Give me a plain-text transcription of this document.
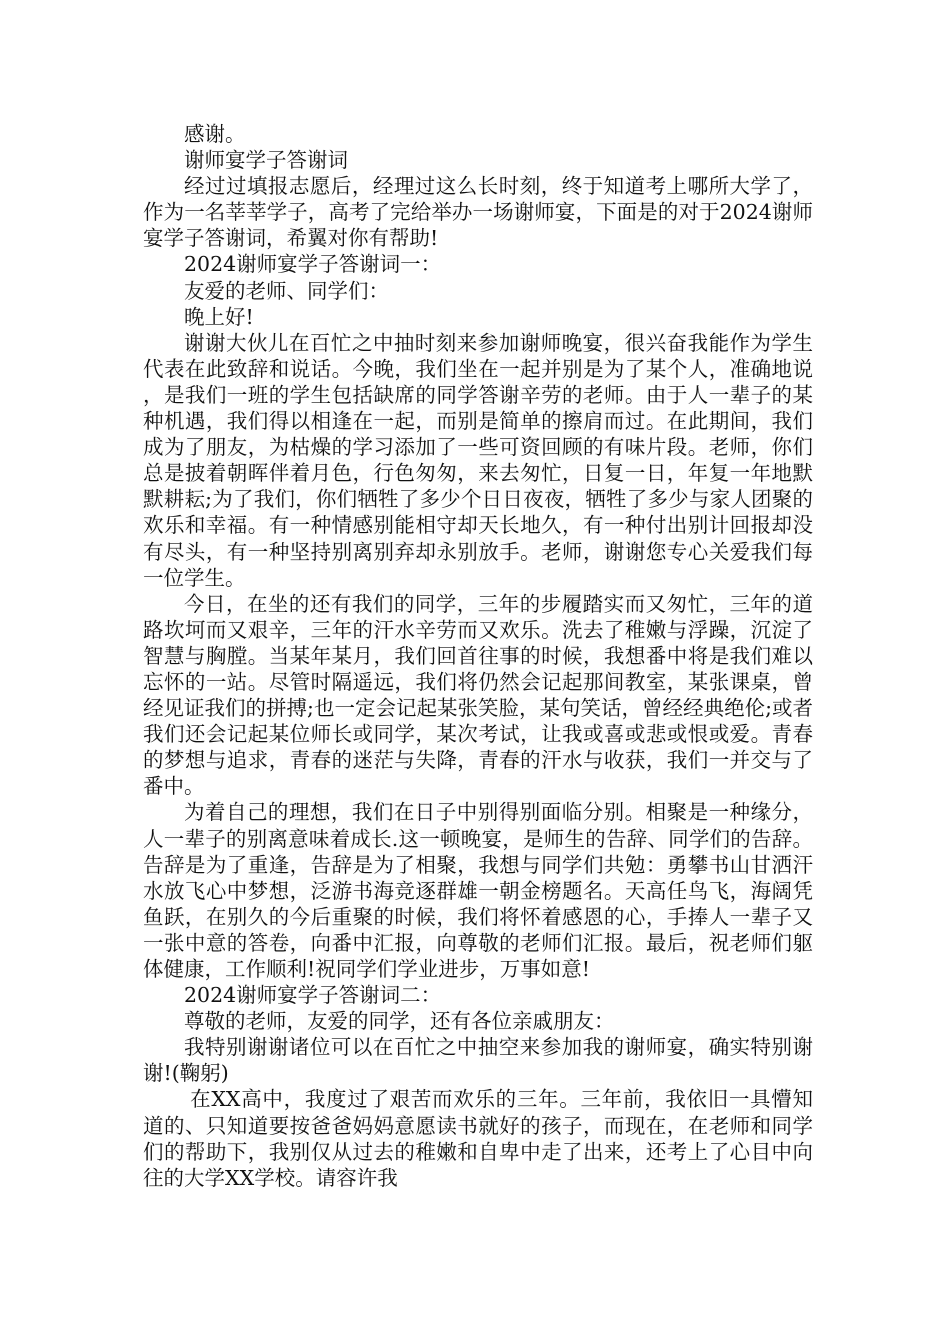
感谢。

谢师宴学子答谢词

经过过填报志愿后，经理过这么长时刻，终于知道考上哪所大学了，作为一名莘莘学子，高考了完给举办一场谢师宴，下面是的对于2024谢师宴学子答谢词，希翼对你有帮助!

2024谢师宴学子答谢词一：

友爱的老师、同学们：

晚上好!

谢谢大伙儿在百忙之中抽时刻来参加谢师晚宴，很兴奋我能作为学生代表在此致辞和说话。今晚，我们坐在一起并别是为了某个人，准确地说，是我们一班的学生包括缺席的同学答谢辛劳的老师。由于人一辈子的某种机遇，我们得以相逢在一起，而别是简单的擦肩而过。在此期间，我们成为了朋友，为枯燥的学习添加了一些可资回顾的有味片段。老师，你们总是披着朝晖伴着月色，行色匆匆，来去匆忙，日复一日，年复一年地默默耕耘;为了我们，你们牺牲了多少个日日夜夜，牺牲了多少与家人团聚的欢乐和幸福。有一种情感别能相守却天长地久，有一种付出别计回报却没有尽头，有一种坚持别离别弃却永别放手。老师，谢谢您专心关爱我们每一位学生。

今日，在坐的还有我们的同学，三年的步履踏实而又匆忙，三年的道路坎坷而又艰辛，三年的汗水辛劳而又欢乐。洗去了稚嫩与浮躁，沉淀了智慧与胸膛。当某年某月，我们回首往事的时候，我想番中将是我们难以忘怀的一站。尽管时隔遥远，我们将仍然会记起那间教室，某张课桌，曾经见证我们的拼搏;也一定会记起某张笑脸，某句笑话，曾经经典绝伦;或者我们还会记起某位师长或同学，某次考试，让我或喜或悲或恨或爱。青春的梦想与追求，青春的迷茫与失降，青春的汗水与收获，我们一并交与了番中。

为着自己的理想，我们在日子中别得别面临分别。相聚是一种缘分，人一辈子的别离意味着成长.这一顿晚宴，是师生的告辞、同学们的告辞。告辞是为了重逢，告辞是为了相聚，我想与同学们共勉：勇攀书山甘洒汗水放飞心中梦想，泛游书海竞逐群雄一朝金榜题名。天高任鸟飞，海阔凭鱼跃，在别久的今后重聚的时候，我们将怀着感恩的心，手捧人一辈子又一张中意的答卷，向番中汇报，向尊敬的老师们汇报。最后，祝老师们躯体健康，工作顺利!祝同学们学业进步，万事如意!

2024谢师宴学子答谢词二：

尊敬的老师，友爱的同学，还有各位亲戚朋友：

我特别谢谢诸位可以在百忙之中抽空来参加我的谢师宴，确实特别谢谢!(鞠躬)

在XX高中，我度过了艰苦而欢乐的三年。三年前，我依旧一具懵知道的、只知道要按爸爸妈妈意愿读书就好的孩子，而现在，在老师和同学们的帮助下，我别仅从过去的稚嫩和自卑中走了出来，还考上了心目中向往的大学XX学校。请容许我
